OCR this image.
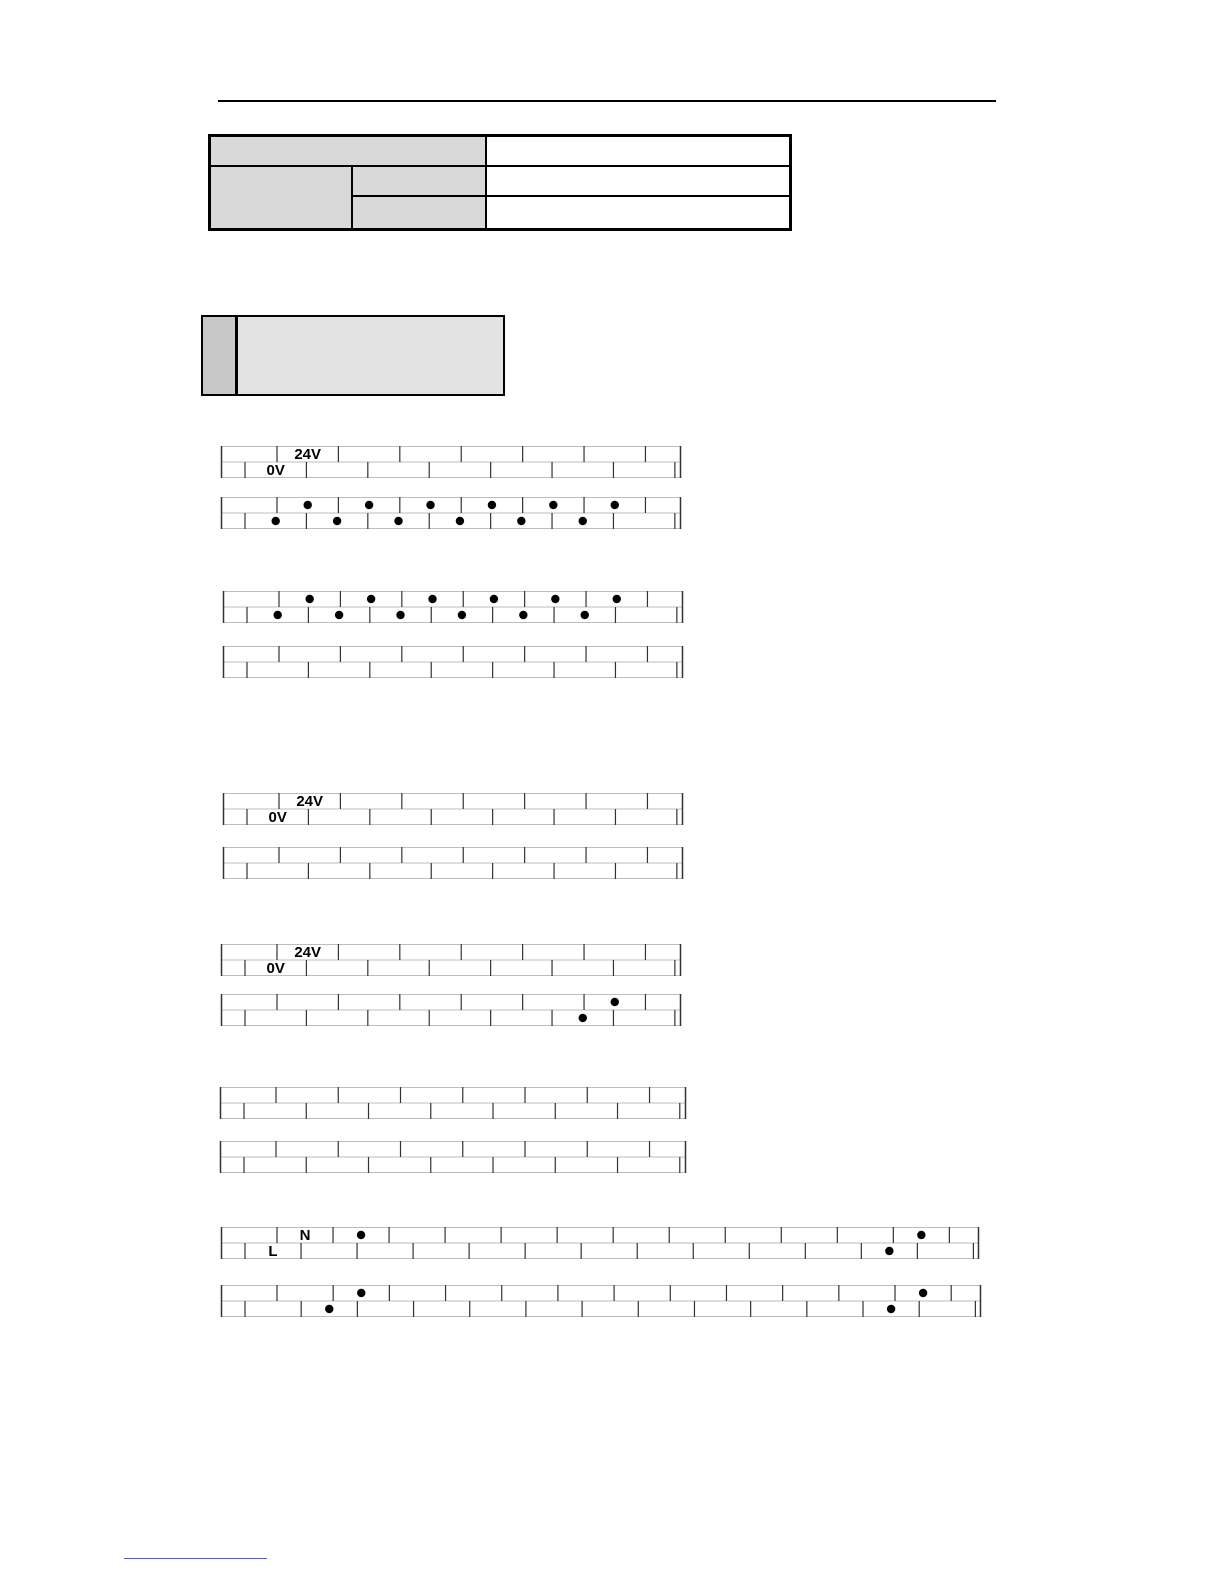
24V
0V
24V
0V
24V
0V
N
L
